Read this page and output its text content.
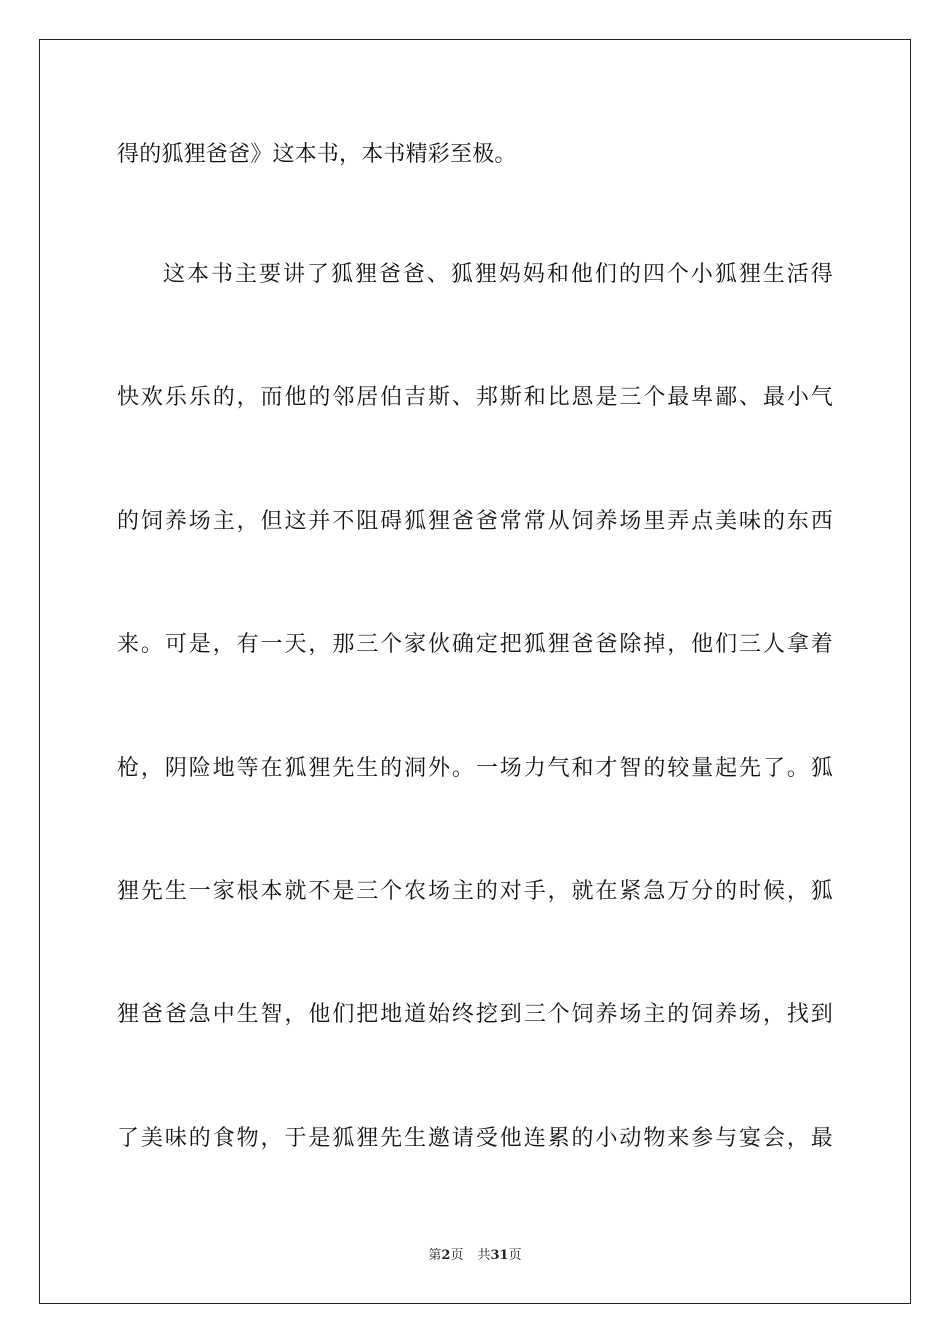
得的狐狸爸爸》这本书，本书精彩至极。
这本书主要讲了狐狸爸爸、狐狸妈妈和他们的四个小狐狸生活得
快欢乐乐的，而他的邻居伯吉斯、邦斯和比恩是三个最卑鄙、最小气
的饲养场主，但这并不阻碍狐狸爸爸常常从饲养场里弄点美味的东西
来。可是，有一天，那三个家伙确定把狐狸爸爸除掉，他们三人拿着
枪，阴险地等在狐狸先生的洞外。一场力气和才智的较量起先了。狐
狸先生一家根本就不是三个农场主的对手，就在紧急万分的时候，狐
狸爸爸急中生智，他们把地道始终挖到三个饲养场主的饲养场，找到
了美味的食物，于是狐狸先生邀请受他连累的小动物来参与宴会，最
第2页 共31页
